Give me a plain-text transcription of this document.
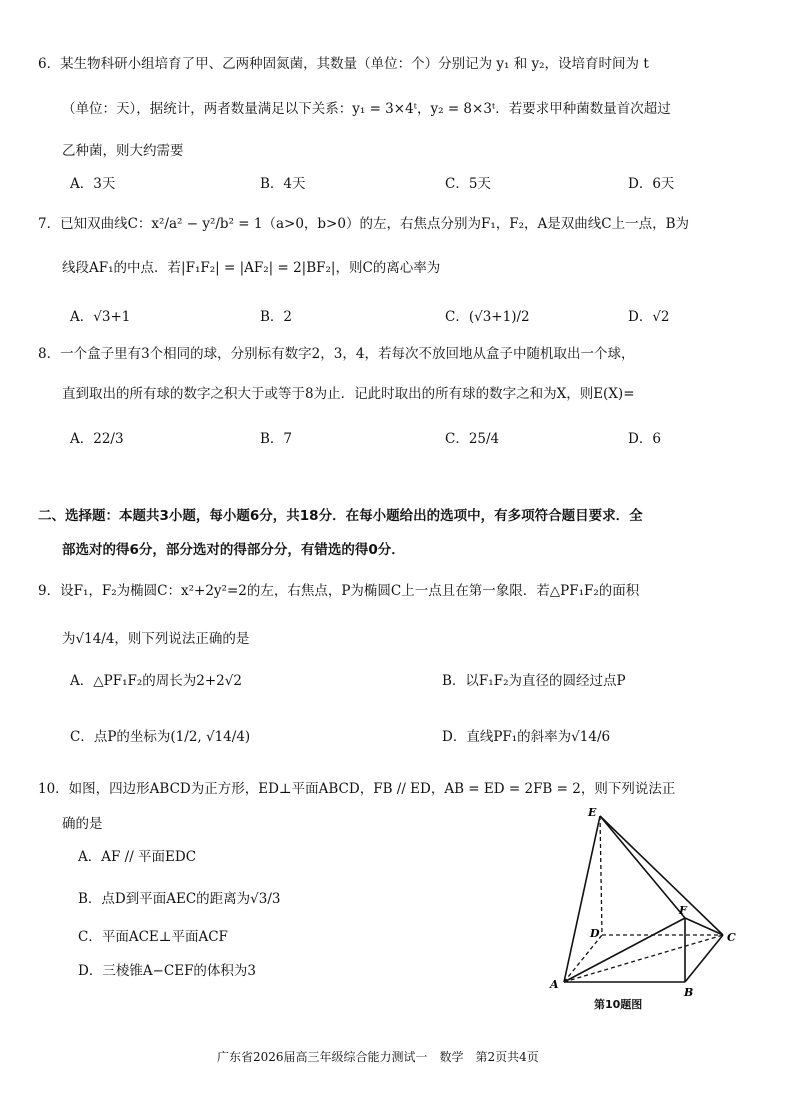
6．某生物科研小组培育了甲、乙两种固氮菌，其数量（单位：个）分别记为 y₁ 和 y₂，设培育时间为 t
（单位：天），据统计，两者数量满足以下关系：y₁ = 3×4ᵗ，y₂ = 8×3ᵗ．若要求甲种菌数量首次超过
乙种菌，则大约需要
A．3天	B．4天	C．5天	D．6天
7．已知双曲线C：x²/a² − y²/b² = 1（a>0，b>0）的左，右焦点分别为F₁，F₂，A是双曲线C上一点，B为
线段AF₁的中点．若|F₁F₂| = |AF₂| = 2|BF₂|，则C的离心率为
A．√3+1	B．2	C．(√3+1)/2	D．√2
8．一个盒子里有3个相同的球，分别标有数字2，3，4，若每次不放回地从盒子中随机取出一个球，
直到取出的所有球的数字之积大于或等于8为止．记此时取出的所有球的数字之和为X，则E(X)=
A．22/3	B．7	C．25/4	D．6
二、选择题：本题共3小题，每小题6分，共18分．在每小题给出的选项中，有多项符合题目要求．全
部选对的得6分，部分选对的得部分分，有错选的得0分．
9．设F₁，F₂为椭圆C：x²+2y²=2的左，右焦点，P为椭圆C上一点且在第一象限．若△PF₁F₂的面积
为√14/4，则下列说法正确的是
A．△PF₁F₂的周长为2+2√2	B．以F₁F₂为直径的圆经过点P
C．点P的坐标为(1/2, √14/4)	D．直线PF₁的斜率为√14/6
10．如图，四边形ABCD为正方形，ED⊥平面ABCD，FB // ED，AB = ED = 2FB = 2，则下列说法正
确的是
A．AF // 平面EDC
B．点D到平面AEC的距离为√3/3
C．平面ACE⊥平面ACF
D．三棱锥A−CEF的体积为3
E
F
D	C
A
B
第10题图
广东省2026届高三年级综合能力测试一　数学　第2页共4页
